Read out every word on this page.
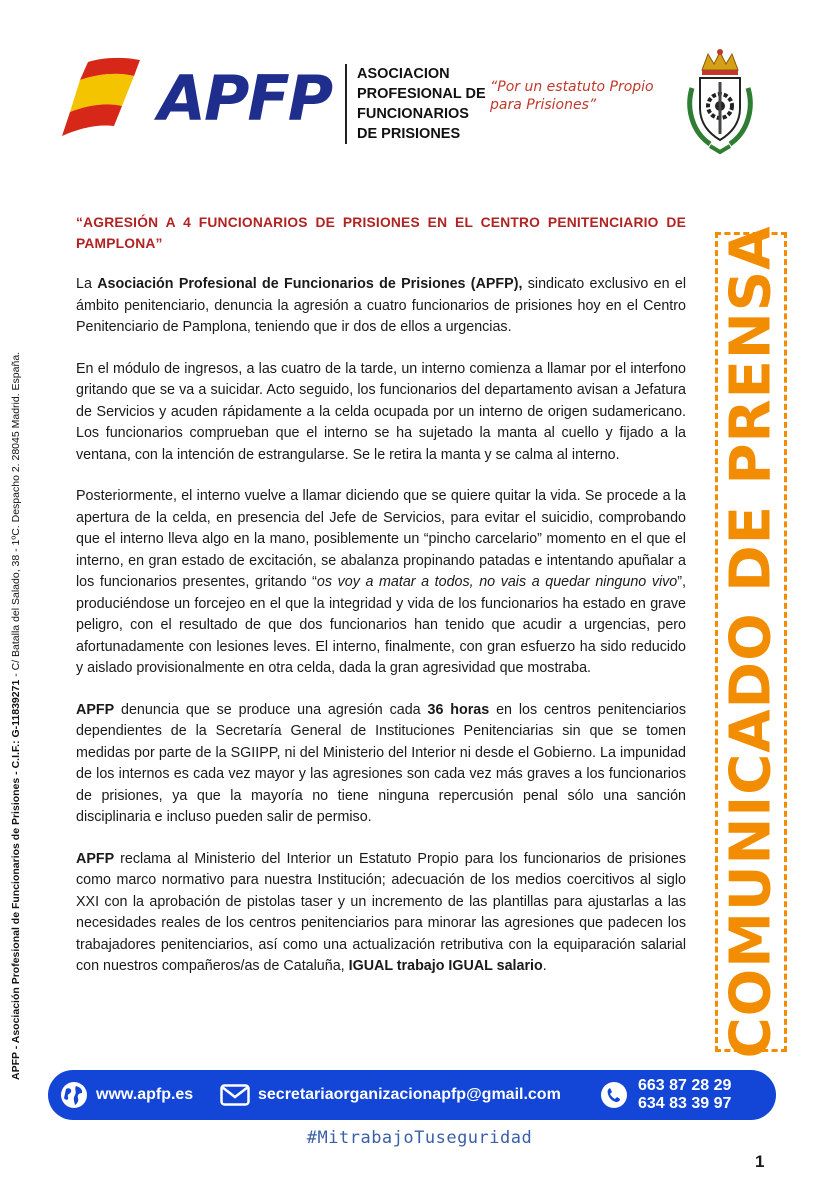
APFP ASOCIACION
PROFESIONAL DE
FUNCIONARIOS
DE PRISIONES
“Por un estatuto Propio
para Prisiones”
APFP - Asociación Profesional de Funcionarios de Prisiones - C.I.F.: G-11839271 - C/ Batalla del Salado, 38 - 1ºC. Despacho 2. 28045 Madrid. España.	COMUNICADO DE PRENSA
“AGRESIÓN A 4 FUNCIONARIOS DE PRISIONES EN EL CENTRO PENITENCIARIO DE PAMPLONA”

La Asociación Profesional de Funcionarios de Prisiones (APFP), sindicato exclusivo en el ámbito penitenciario, denuncia la agresión a cuatro funcionarios de prisiones hoy en el Centro Penitenciario de Pamplona, teniendo que ir dos de ellos a urgencias.

En el módulo de ingresos, a las cuatro de la tarde, un interno comienza a llamar por el interfono gritando que se va a suicidar. Acto seguido, los funcionarios del departamento avisan a Jefatura de Servicios y acuden rápidamente a la celda ocupada por un interno de origen sudamericano. Los funcionarios comprueban que el interno se ha sujetado la manta al cuello y fijado a la ventana, con la intención de estrangularse. Se le retira la manta y se calma al interno.

Posteriormente, el interno vuelve a llamar diciendo que se quiere quitar la vida. Se procede a la apertura de la celda, en presencia del Jefe de Servicios, para evitar el suicidio, comprobando que el interno lleva algo en la mano, posiblemente un “pincho carcelario” momento en el que el interno, en gran estado de excitación, se abalanza propinando patadas e intentando apuñalar a los funcionarios presentes, gritando “os voy a matar a todos, no vais a quedar ninguno vivo”, produciéndose un forcejeo en el que la integridad y vida de los funcionarios ha estado en grave peligro, con el resultado de que dos funcionarios han tenido que acudir a urgencias, pero afortunadamente con lesiones leves. El interno, finalmente, con gran esfuerzo ha sido reducido y aislado provisionalmente en otra celda, dada la gran agresividad que mostraba.

APFP denuncia que se produce una agresión cada 36 horas en los centros penitenciarios dependientes de la Secretaría General de Instituciones Penitenciarias sin que se tomen medidas por parte de la SGIIPP, ni del Ministerio del Interior ni desde el Gobierno. La impunidad de los internos es cada vez mayor y las agresiones son cada vez más graves a los funcionarios de prisiones, ya que la mayoría no tiene ninguna repercusión penal sólo una sanción disciplinaria e incluso pueden salir de permiso.

APFP reclama al Ministerio del Interior un Estatuto Propio para los funcionarios de prisiones como marco normativo para nuestra Institución; adecuación de los medios coercitivos al siglo XXI con la aprobación de pistolas taser y un incremento de las plantillas para ajustarlas a las necesidades reales de los centros penitenciarios para minorar las agresiones que padecen los trabajadores penitenciarios, así como una actualización retributiva con la equiparación salarial con nuestros compañeros/as de Cataluña, IGUAL trabajo IGUAL salario.

www.apfp.es	secretariaorganizacionapfp@gmail.com
663 87 28 29
634 83 39 97
#MitrabajoTuseguridad
1
